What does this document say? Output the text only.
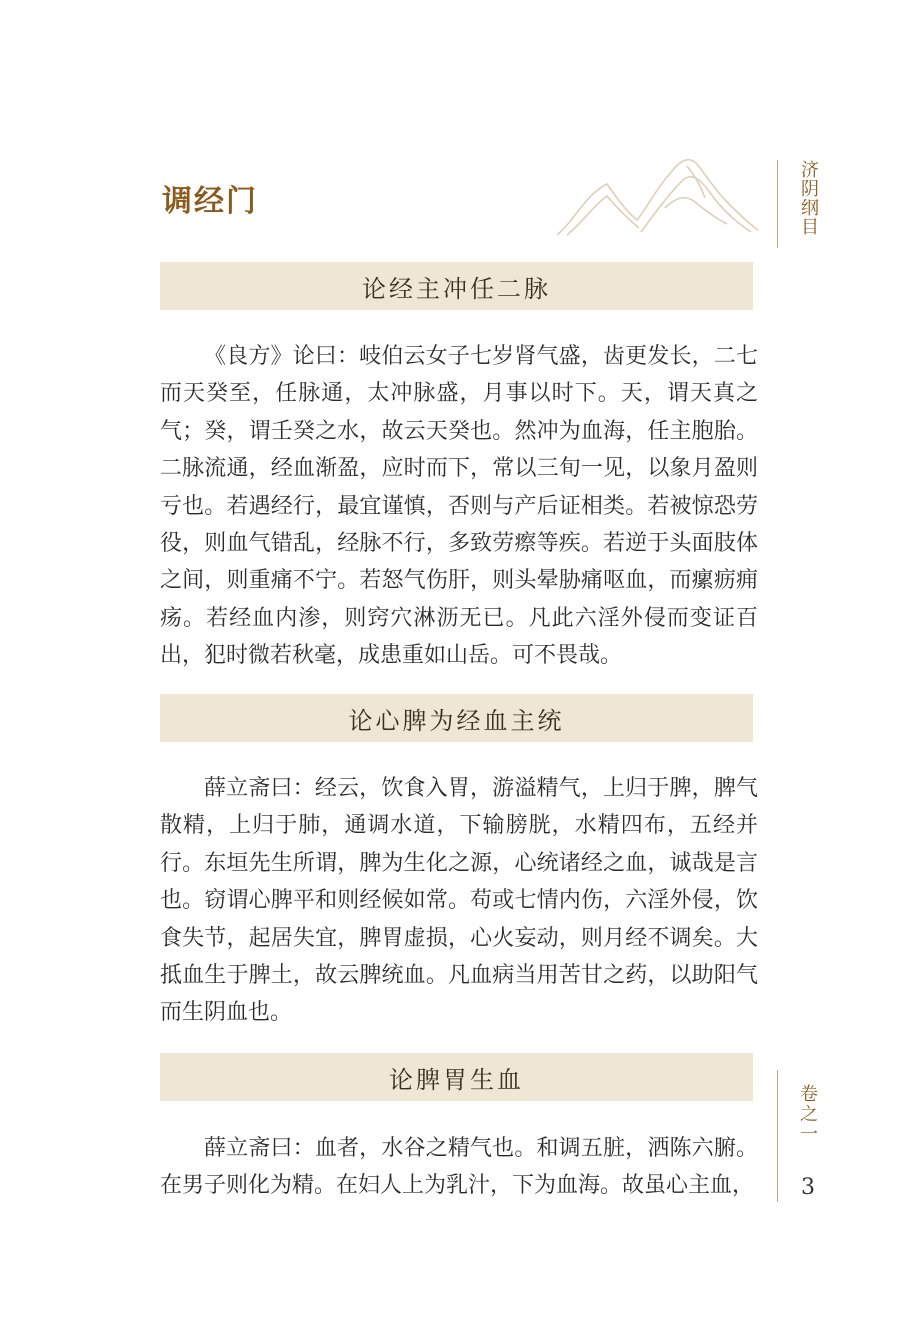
调经门	济阴纲目
卷之一
3
论经主冲任二脉

《良方》论曰：岐伯云女子七岁肾气盛，齿更发长，二七而天癸至，任脉通，太冲脉盛，月事以时下。天，谓天真之气；癸，谓壬癸之水，故云天癸也。然冲为血海，任主胞胎。二脉流通，经血渐盈，应时而下，常以三旬一见，以象月盈则亏也。若遇经行，最宜谨慎，否则与产后证相类。若被惊恐劳役，则血气错乱，经脉不行，多致劳瘵等疾。若逆于头面肢体之间，则重痛不宁。若怒气伤肝，则头晕胁痛呕血，而瘰疬痈疡。若经血内渗，则窍穴淋沥无已。凡此六淫外侵而变证百出，犯时微若秋毫，成患重如山岳。可不畏哉。

论心脾为经血主统

薛立斋曰：经云，饮食入胃，游溢精气，上归于脾，脾气散精，上归于肺，通调水道，下输膀胱，水精四布，五经并行。东垣先生所谓，脾为生化之源，心统诸经之血，诚哉是言也。窃谓心脾平和则经候如常。苟或七情内伤，六淫外侵，饮食失节，起居失宜，脾胃虚损，心火妄动，则月经不调矣。大抵血生于脾土，故云脾统血。凡血病当用苦甘之药，以助阳气而生阴血也。

论脾胃生血

薛立斋曰：血者，水谷之精气也。和调五脏，洒陈六腑。在男子则化为精。在妇人上为乳汁，下为血海。故虽心主血，
